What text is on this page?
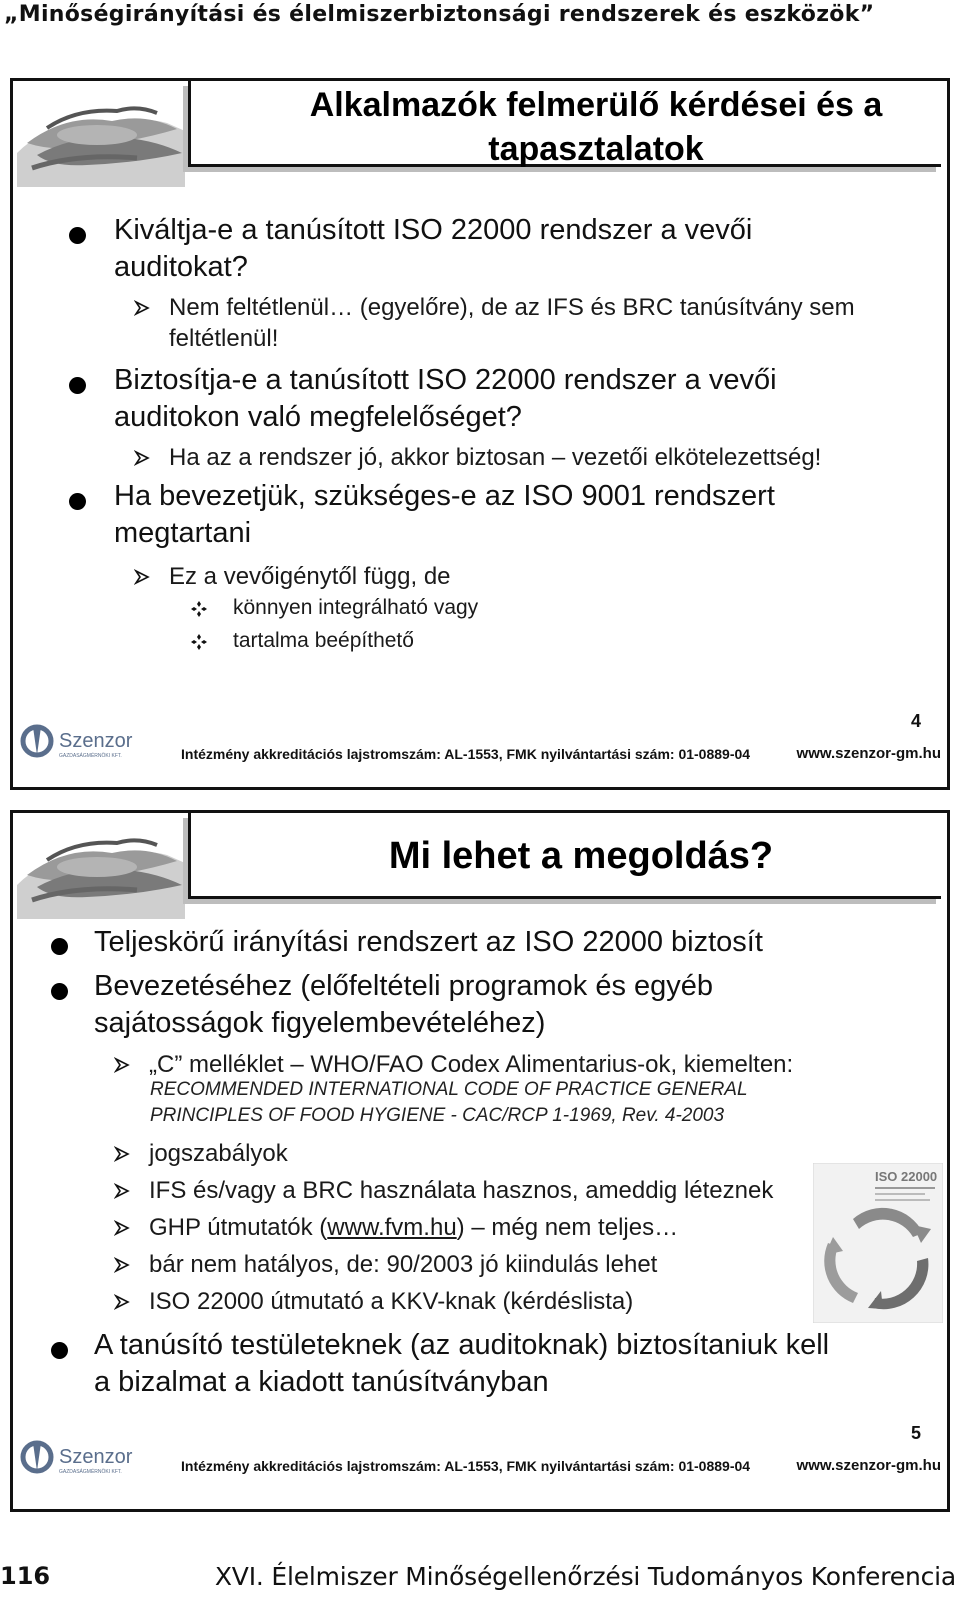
„Minőségirányítási és élelmiszerbiztonsági rendszerek és eszközök”
Alkalmazók felmerülő kérdései és a tapasztalatok
Kiváltja-e a tanúsított ISO 22000 rendszer a vevői auditokat?
Nem feltétlenül… (egyelőre), de az IFS és BRC tanúsítvány sem feltétlenül!
Biztosítja-e a tanúsított ISO 22000 rendszer a vevői auditokon való megfelelőséget?
Ha az a rendszer jó, akkor biztosan – vezetői elkötelezettség!
Ha bevezetjük, szükséges-e az ISO 9001 rendszert megtartani
Ez a vevőigénytől függ, de
könnyen integrálható vagy
tartalma beépíthető
4
Szenzor
GAZDASÁGMÉRNÖKI KFT.	Intézmény akkreditációs lajstromszám: AL-1553, FMK nyilvántartási szám: 01-0889-04	www.szenzor-gm.hu
Mi lehet a megoldás?
Teljeskörű irányítási rendszert az ISO 22000 biztosít
Bevezetéséhez (előfeltételi programok és egyéb sajátosságok figyelembevételéhez)
„C” melléklet – WHO/FAO Codex Alimentarius-ok, kiemelten:
RECOMMENDED INTERNATIONAL CODE OF PRACTICE GENERAL PRINCIPLES OF FOOD HYGIENE - CAC/RCP 1-1969, Rev. 4-2003
jogszabályok
IFS és/vagy a BRC használata hasznos, ameddig léteznek
GHP útmutatók (www.fvm.hu) – még nem teljes…
bár nem hatályos, de: 90/2003 jó kiindulás lehet
ISO 22000 útmutató a KKV-knak (kérdéslista)
A tanúsító testületeknek (az auditoknak) biztosítaniuk kell a bizalmat a kiadott tanúsítványban
ISO 22000
5
Szenzor
GAZDASÁGMÉRNÖKI KFT.	Intézmény akkreditációs lajstromszám: AL-1553, FMK nyilvántartási szám: 01-0889-04	www.szenzor-gm.hu
116	XVI. Élelmiszer Minőségellenőrzési Tudományos Konferencia
